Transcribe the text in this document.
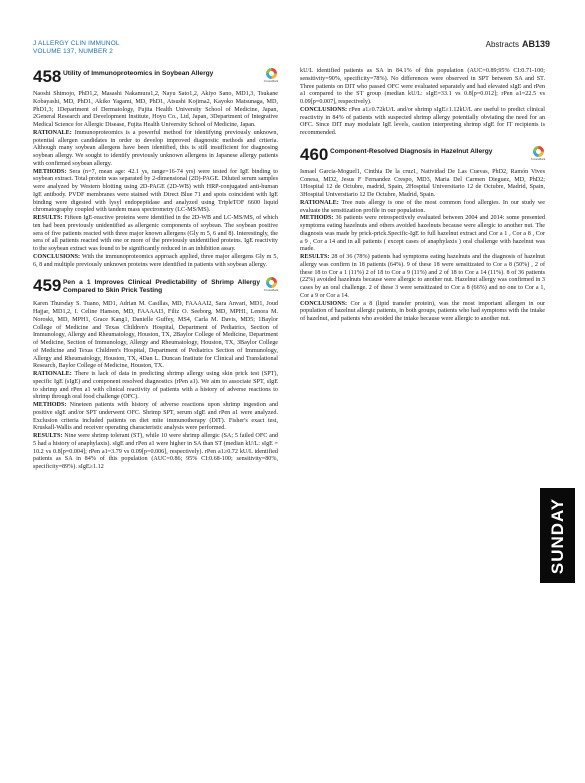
J ALLERGY CLIN IMMUNOL
VOLUME 137, NUMBER 2
Abstracts AB139
458 Utility of Immunoproteomics in Soybean Allergy
CrossMark

Naoshi Shimojo, PhD1,2, Masashi Nakamura1,2, Nayu Sato1,2, Akiyo Sano, MD1,3, Tsukane Kobayashi, MD, PhD1, Akiko Yagami, MD, PhD1, Atsushi Kojima2, Kayoko Matsunaga, MD, PhD1,3; 1Department of Dermatology, Fujita Health University School of Medicine, Japan, 2General Research and Development Institute, Hoyu Co., Ltd, Japan, 3Department of Integrative Medical Science for Allergic Disease, Fujita Health University School of Medicine, Japan.

RATIONALE: Immunoproteomics is a powerful method for identifying previously unknown, potential allergen candidates in order to develop improved diagnostic methods and criteria. Although many soybean allergens have been identified, this is still insufficient for diagnosing soybean allergy. We sought to identify previously unknown allergens in Japanese allergy patients with confirmed soybean allergy.

METHODS: Sera (n=7, mean age: 42.1 ys, range=16-74 yrs) were tested for IgE binding to soybean extract. Total protein was separated by 2-dimensional (2D)-PAGE. Diluted serum samples were analyzed by Western blotting using 2D-PAGE (2D-WB) with HRP-conjugated anti-human IgE antibody. PVDF membranes were stained with Direct Blue 71 and spots coincident with IgE binding were digested with lysyl endopeptidase and analyzed using TripleTOF 6600 liquid chromatography coupled with tandem mass spectrometry (LC-MS/MS).

RESULTS: Fifteen IgE-reactive proteins were identified in the 2D-WB and LC-MS/MS, of which ten had been previously unidentified as allergenic components of soybean. The soybean positive sera of five patients reacted with three major known allergens (Gly m 5, 6 and 8). Interestingly, the sera of all patients reacted with one or more of the previously unidentified proteins. IgE reactivity to the soybean extract was found to be significantly reduced in an inhibition assay.

CONCLUSIONS: With the immunoproteomics approach applied, three major allergens Gly m 5, 6, 8 and multiple previously unknown proteins were identified in patients with soybean allergy.

459 Pen a 1 Improves Clinical Predictability of Shrimp Allergy Compared to Skin Prick Testing	CrossMark

Karen Thursday S. Tuano, MD1, Adrian M. Casillas, MD, FAAAAI2, Sara Anvari, MD1, Joud Hajjar, MD1,2, I. Celine Hanson, MD, FAAAAI3, Filiz O. Seeborg, MD, MPH1, Lenora M. Noroski, MD, MPH1, Grace Kang1, Danielle Guffey, MS4, Carla M. Davis, MD5; 1Baylor College of Medicine and Texas Children's Hospital, Department of Pediatrics, Section of Immunology, Allergy and Rheumatology, Houston, TX, 2Baylor College of Medicine, Department of Medicine, Section of Immunology, Allergy and Rheumatology, Houston, TX, 3Baylor College of Medicine and Texas Children's Hospital, Department of Pediatrics Section of Immunology, Allergy and Rheumatology, Houston, TX, 4Dan L. Duncan Institute for Clinical and Translational Research, Baylor College of Medicine, Houston, TX.

RATIONALE: There is lack of data in predicting shrimp allergy using skin prick test (SPT), specific IgE (sIgE) and component resolved diagnostics (rPen a1). We aim to associate SPT, sIgE to shrimp and rPen a1 with clinical reactivity of patients with a history of adverse reactions to shrimp through oral food challenge (OFC).

METHODS: Nineteen patients with history of adverse reactions upon shrimp ingestion and positive sIgE and/or SPT underwent OFC. Shrimp SPT, serum sIgE and rPen a1 were analyzed. Exclusion criteria included patients on diet mite immunotherapy (DIT). Fisher's exact test, Kruskall-Wallis and receiver operating characteristic analysis were performed.

RESULTS: Nine were shrimp tolerant (ST), while 10 were shrimp allergic (SA; 5 failed OFC and 5 had a history of anaphylaxis). sIgE and rPen a1 were higher in SA than ST (median kU/L: sIgE = 10.2 vs 0.8[p=0.004]; rPen a1=3.79 vs 0.09[p=0.006], respectively). rPen a1≥0.72 kU/L identified patients as SA in 84% of this population (AUC=0.86; 95% CI:0.68-100; sensitivity=80%, specificity=89%). sIgE≥1.12

kU/L identified patients as SA in 84.1% of this population (AUC=0.89;95% CI:0.71-100; sensitivity=90%, specificity=78%). No differences were observed in SPT between SA and ST. Three patients on DIT who passed OFC were evaluated separately and had elevated sIgE and rPen a1 compared to the ST group (median kU/L: sIgE=33.1 vs 0.8[p=0.012]; rPen a1=22.5 vs 0.09[p=0.007], respectively).

CONCLUSIONS: rPen a1≥0.72kU/L and/or shrimp sIgE≥1.12kU/L are useful to predict clinical reactivity in 84% of patients with suspected shrimp allergy potentially obviating the need for an OFC. Since DIT may modulate IgE levels, caution interpreting shrimp sIgE for IT recipients is recommended.

460 Component-Resolved Diagnosis in Hazelnut Allergy
CrossMark

Ismael Garcia-Moguel1, Cinthia De la cruz1, Natividad De Las Cuevas, PhD2, Ramón Vives Conesa, MD2, Jesus F Fernandez Crespo, MD3, Maria Del Carmen Dieguez, MD, PhD2; 1Hospital 12 de Octubre, madrid, Spain, 2Hospital Universitario 12 de Octubre, Madrid, Spain, 3Hospital Universitario 12 De Octubre, Madrid, Spain.

RATIONALE: Tree nuts allergy is one of the most common food allergies. In our study we evaluate the sensitization profile in our population.

METHODS: 36 patients were retrospectively evaluated between 2004 and 2014: some presented symptoms eating hazelnuts and others avoided hazelnuts because were allergic to another nut. The diagnosis was made by prick-prick.Specific-IgE to full hazelnut extract and Cor a 1 , Cor a 8 , Cor a 9 , Cor a 14 and in all patients ( except cases of anaphylaxis ) oral challenge with hazelnut was made.

RESULTS: 28 of 36 (78%) patients had symptoms eating hazelnuts and the diagnosis of hazelnut allergy was confirm in 18 patients (64%). 9 of these 18 were sensitizated to Cor a 8 (50%) , 2 of these 18 to Cor a 1 (11%) 2 of 18 to Cor a 9 (11%) and 2 of 18 to Cor a 14 (11%). 8 of 36 patients (22%) avoided hazelnuts because were allergic to another nut. Hazelnut allergy was confirmed in 3 cases by an oral challenge. 2 of these 3 were sensitizated to Cor a 8 (66%) and no one to Cor a 1, Cor a 9 or Cor a 14.

CONCLUSIONS: Cor a 8 (lipid transfer protein), was the most important allergen in our population of hazelnut allergic patients, in both groups, patients who had symptoms with the intake of hazelnut, and patients who avoided the intake because were allergic to another nut.

SUNDAY
